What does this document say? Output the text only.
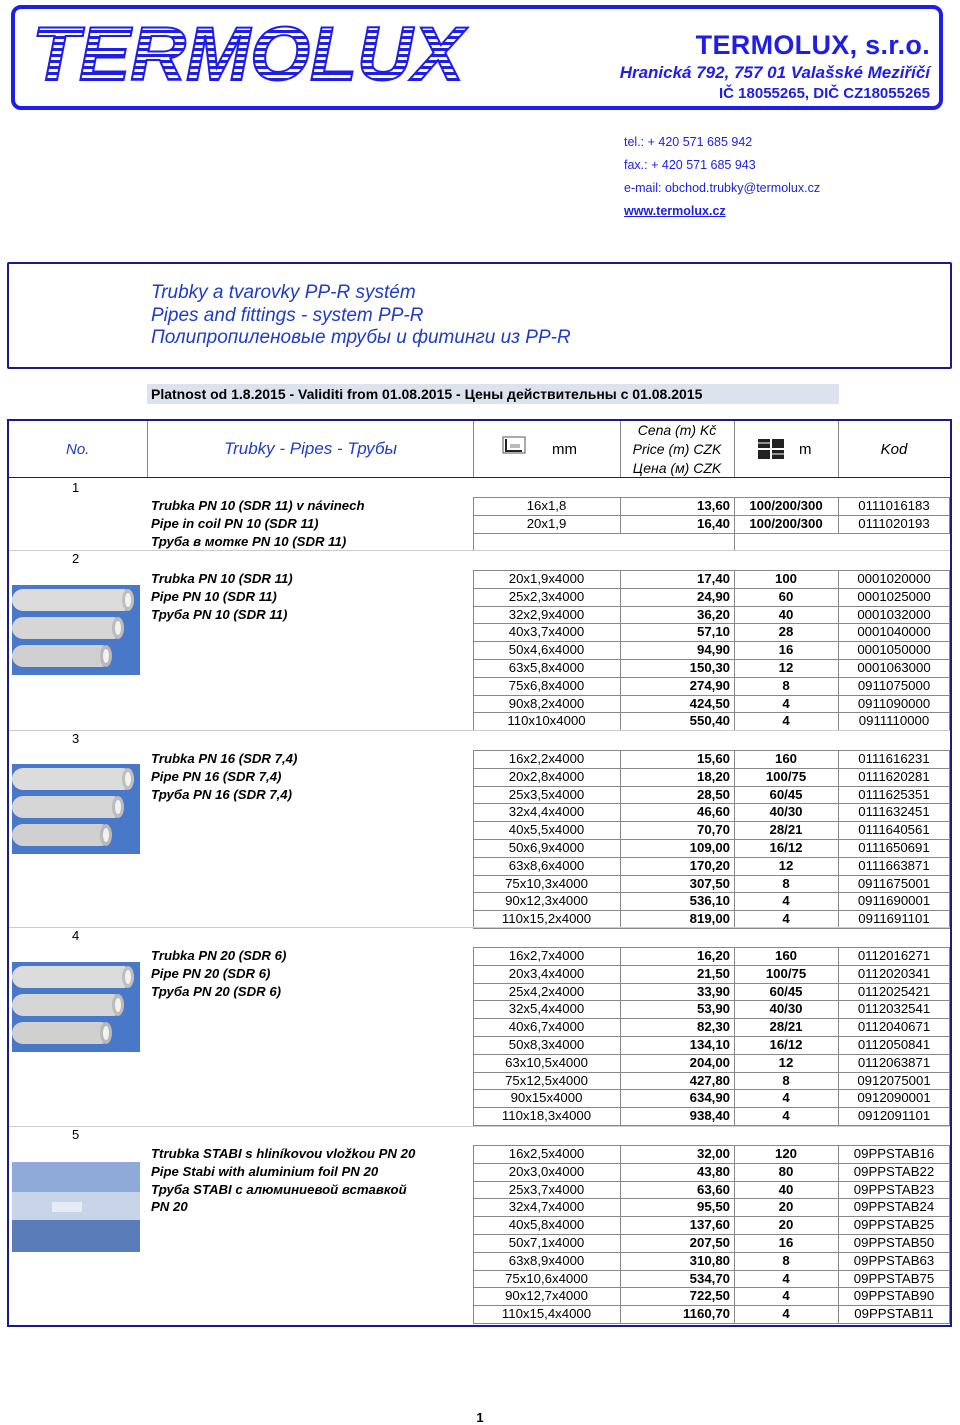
TERMOLUX	TERMOLUX, s.r.o.
Hranická 792, 757 01 Valašské Meziříčí
IČ 18055265, DIČ CZ18055265
tel.: + 420 571 685 942
fax.: + 420 571 685 943
e-mail: obchod.trubky@termolux.cz
www.termolux.cz
Trubky a tvarovky PP-R systém
Pipes and fittings - system PP-R
Полипропиленовые трубы и фитинги из PP-R
Platnost od 1.8.2015 - Validiti from 01.08.2015 - Цены действительны с 01.08.2015
No.	Trubky - Pipes - Трубы	mm
Cena (m) Kč
Price (m) CZK
Цена (м) CZK
m	Kod
1
Trubka PN 10 (SDR 11) v návinech
Pipe in coil PN 10 (SDR 11)
Труба в мотке PN 10 (SDR 11)
16x1,8	13,60	100/200/300	0111016183
20x1,9	16,40	100/200/300	0111020193
2
Trubka PN 10 (SDR 11)
Pipe PN 10 (SDR 11)
Труба PN 10 (SDR 11)
20x1,9x4000	17,40	100	0001020000
25x2,3x4000	24,90	60	0001025000
32x2,9x4000	36,20	40	0001032000
40x3,7x4000	57,10	28	0001040000
50x4,6x4000	94,90	16	0001050000
63x5,8x4000	150,30	12	0001063000
75x6,8x4000	274,90	8	0911075000
90x8,2x4000	424,50	4	0911090000
110x10x4000	550,40	4	0911110000
3
Trubka PN 16 (SDR 7,4)
Pipe PN 16 (SDR 7,4)
Труба PN 16 (SDR 7,4)
16x2,2x4000	15,60	160	0111616231
20x2,8x4000	18,20	100/75	0111620281
25x3,5x4000	28,50	60/45	0111625351
32x4,4x4000	46,60	40/30	0111632451
40x5,5x4000	70,70	28/21	0111640561
50x6,9x4000	109,00	16/12	0111650691
63x8,6x4000	170,20	12	0111663871
75x10,3x4000	307,50	8	0911675001
90x12,3x4000	536,10	4	0911690001
110x15,2x4000	819,00	4	0911691101
4
Trubka PN 20 (SDR 6)
Pipe PN 20 (SDR 6)
Труба PN 20 (SDR 6)
16x2,7x4000	16,20	160	0112016271
20x3,4x4000	21,50	100/75	0112020341
25x4,2x4000	33,90	60/45	0112025421
32x5,4x4000	53,90	40/30	0112032541
40x6,7x4000	82,30	28/21	0112040671
50x8,3x4000	134,10	16/12	0112050841
63x10,5x4000	204,00	12	0112063871
75x12,5x4000	427,80	8	0912075001
90x15x4000	634,90	4	0912090001
110x18,3x4000	938,40	4	0912091101
5
Ttrubka STABI s hliníkovou vložkou PN 20
Pipe Stabi with aluminium foil PN 20
Труба STABI с алюминиевой вставкой
PN 20
16x2,5x4000	32,00	120	09PPSTAB16
20x3,0x4000	43,80	80	09PPSTAB22
25x3,7x4000	63,60	40	09PPSTAB23
32x4,7x4000	95,50	20	09PPSTAB24
40x5,8x4000	137,60	20	09PPSTAB25
50x7,1x4000	207,50	16	09PPSTAB50
63x8,9x4000	310,80	8	09PPSTAB63
75x10,6x4000	534,70	4	09PPSTAB75
90x12,7x4000	722,50	4	09PPSTAB90
110x15,4x4000	1160,70	4	09PPSTAB11
1
